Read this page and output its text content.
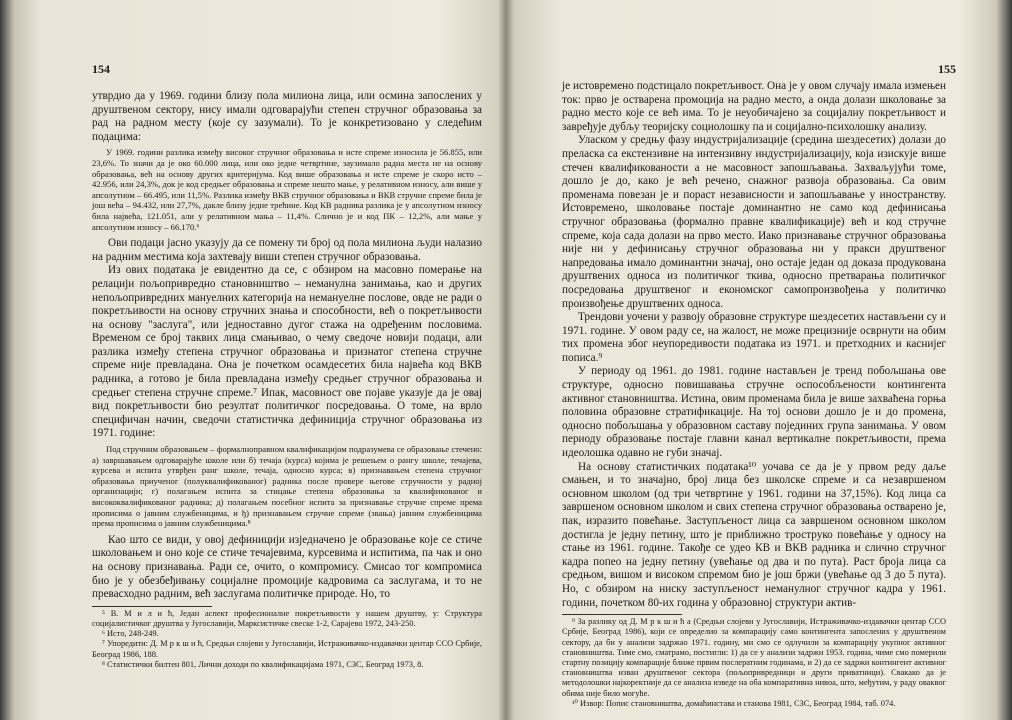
154

утврдио да у 1969. години близу пола милиона лица, или осмина запослених у друштвеном сектору, нису имали одговарајући степен стручног образовања за рад на радном месту (које су зазумали). То је конкретизовано у следећим подацима:

У 1969. години разлика између високог стручног образовања и исте спреме износила је 56.855, или 23,6%. То значи да је око 60.000 лица, или око једне четвртине, заузимало радна места не на основу образовања, већ на основу других критеријума. Код више образовања и исте спреме је скоро исто – 42.956, или 24,3%, док је код средњег образовања и спреме нешто мање, у релативном износу, али више у апсолутном – 66.495, или 11,5%. Разлика између ВКВ стручног образовања и ВКВ стручне спреме била је још већа – 94.432, или 27,7%, дакле близу једне трећине. Код КВ радника разлика је у апсолутном износу била највећа, 121.051, али у релативном мања – 11,4%. Слично је и код ПК – 12,2%, али мање у апсолутном износу – 66.170.⁶

Ови подаци јасно указују да се помену ти број од пола милиона људи налазио на радним местима која захтевају виши степен стручног образовања.

Из ових података је евидентно да се, с обзиром на масовно померање на релацији пољопривредно становништво – неманулна занимања, као и других непољопривредних мануелних категорија на немануелне послове, овде не ради о покретљивости на основу стручних знања и способности, већ о покретљивости на основу "заслуга", или једноставно дугог стажа на одређеним пословима. Временом се број таквих лица смањивао, о чему сведоче новији подаци, али разлика између степена стручног образовања и признатог степена стручне спреме није превладана. Она је почетком осамдесетих била највећа код ВКВ радника, а готово је била превладана између средњег стручног образовања и средњег степена стручне спреме.⁷ Ипак, масовност ове појаве указује да је овај вид покретљивости био резултат политичког посредовања. О томе, на врло специфичан начин, сведочи статистичка дефиниција стручног образовања из 1971. године:

Под стручним образовањем – формалноправном квалификацијом подразумева се образовање стечено: а) завршавањем одговарајуће школе или б) течаја (курса) којима је решењем о рангу школе, течајева, курсева и испита утврђен ранг школе, течаја, односно курса; в) признавањем степена стручног образовања приученог (полуквалификованог) радника после провере његове стручности у радној организацији; г) полагањем испита за стицање степена образовања за квалификованог и висококвалификованог радника; д) полагањем посебног испита за признавање стручне спреме према прописима о јавним службеницима, и ђ) признавањем стручне спреме (звања) јавним службеницима према прописима о јавним службеницима.⁸

Као што се види, у овој дефиницији изједначено је образовање које се стиче школовањем и оно које се стиче течајевима, курсевима и испитима, па чак и оно на основу признавања. Ради се, очито, о компромису. Смисао тог компромиса био је у обезбеђивању социјалне промоције кадровима са заслугама, и то не превасходно радним, већ заслугама политичке природе. Но, то

⁵ В. М и л и ћ, Један аспект професионалне покретљивости у нашем друштву, у: Структура социјалистичког друштва у Југославији, Марксистичке свеске 1-2, Сарајево 1972, 243-250.

⁶ Исто, 248-249.

⁷ Упоредити: Д. М р к ш и ћ, Средњи слојеви у Југославији, Истраживачко-издавачки центар ССО Србије, Београд 1986, 188.

⁸ Статистички билтен 801, Лични доходи по квалификацијама 1971, СЗС, Београд 1973, 8.

155

је истовремено подстицало покретљивост. Она је у овом случају имала измењен ток: прво је остварена промоција на радно место, а онда долази школовање за радно место које се већ има. То је неуобичајено за социјалну покретљивост и завређује дубљу теоријску социолошку па и социјално-психолошку анализу.

Уласком у средњу фазу индустријализације (средина шездесетих) долази до преласка са екстензивне на интензивну индустријализацију, која изискује више стечен квалификованости а не масовност запошљавања. Захваљујући томе, дошло је до, како је већ речено, снажног развоја образовања. Са овим променама повезан је и пораст независности и запошљавање у иностранству. Истовремено, школовање постаје доминантно не само код дефинисања стручног образовања (формално правне квалификације) већ и код стручне спреме, која сада долази на прво место. Иако признавање стручног образовања није ни у дефинисању стручног образовања ни у пракси друштвеног напредовања имало доминантни значај, оно остаје један од доказа продукована друштвених односа из политичког ткива, односно претварања политичког посредовања друштвеног и економског самопроизвођења у политичко произвођење друштвених односа.

Трендови уочени у развоју образовне структуре шездесетих настављени су и 1971. године. У овом раду се, на жалост, не може прецизније осврнути на обим тих промена због неупоредивости података из 1971. и претходних и каснијег пописа.⁹

У периоду од 1961. до 1981. године настављен је тренд побољшања ове структуре, односно повишавања стручне оспособљености контингента активног становништва. Истина, овим променама била је више захваћена горња половина образовне стратификације. На тој основи дошло је и до промена, односно побољшања у образовном саставу појединих група занимања. У овом периоду образовање постаје главни канал вертикалне покретљивости, према идеолошка одавно не губи значај.

На основу статистичких података¹⁰ уочава се да је у првом реду даље смањен, и то значајно, број лица без школске спреме и са незавршеном основном школом (од три четвртине у 1961. години на 37,15%). Код лица са завршеном основном школом и свих степена стручног образовања остварено је, пак, изразито повећање. Заступљеност лица са завршеном основном школом достигла је једну петину, што је приближно троструко повећање у односу на стање из 1961. године. Такође се удео КВ и ВКВ радника и слично стручног кадра попео на једну петину (увећање од два и по пута). Раст броја лица са средњом, вишом и високом спремом био је још бржи (увећање од 3 до 5 пута). Но, с обзиром на ниску заступљеност неманулног стручног кадра у 1961. години, почетком 80-их година у образовној структури актив-

⁹ За разлику од Д. М р к ш и ћ а (Средњи слојеви у Југославији, Истраживачко-издавачки центар ССО Србије, Београд 1986), који се определио за компарацију само контингента запослених у друштвеном сектору, да би у анализи задржао 1971. годину, ми смо се одлучили за компарацију укупног активног становништва. Тиме смо, сматрамо, постигли: 1) да се у анализи задржи 1953. година, чиме смо померили стартну позицију компарације ближе првим послератним годинама, и 2) да се задржи контингент активног становништва изван друштвеног сектора (пољопривредници и други приватници). Свакако да је методолошки најкоректније да се анализа изведе на оба компаративна нивоа, што, међутим, у раду оваквог обима није било могуће.

¹⁰ Извор: Попис становништва, домаћинстава и станова 1981, СЗС, Београд 1984, таб. 074.
